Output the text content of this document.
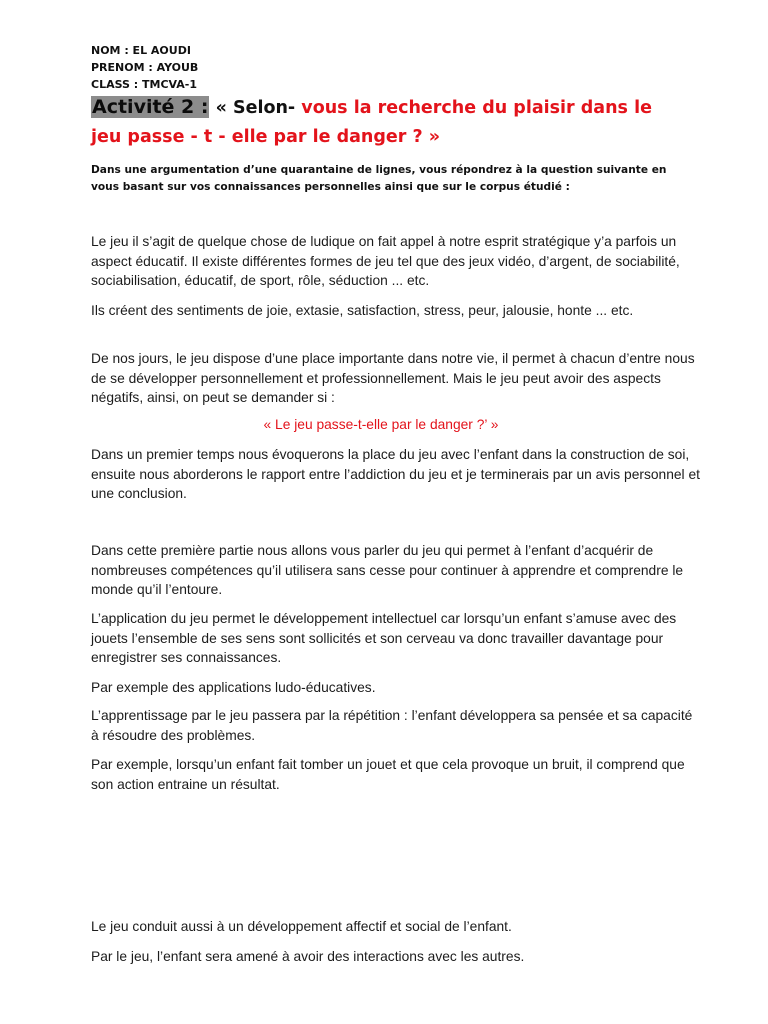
NOM : EL AOUDI
PRENOM : AYOUB
CLASS : TMCVA-1
Activité 2 : « Selon- vous la recherche du plaisir dans le
jeu passe - t - elle par le danger ? »
Dans une argumentation d’une quarantaine de lignes, vous répondrez à la question suivante en vous basant sur vos connaissances personnelles ainsi que sur le corpus étudié :
Le jeu il s’agit de quelque chose de ludique on fait appel à notre esprit stratégique y’a parfois un aspect éducatif. Il existe différentes formes de jeu tel que des jeux vidéo, d’argent, de sociabilité, sociabilisation, éducatif, de sport, rôle, séduction ... etc.
Ils créent des sentiments de joie, extasie, satisfaction, stress, peur, jalousie, honte ... etc.
De nos jours, le jeu dispose d’une place importante dans notre vie, il permet à chacun d’entre nous de se développer personnellement et professionnellement. Mais le jeu peut avoir des aspects négatifs, ainsi, on peut se demander si :
« Le jeu passe-t-elle par le danger ?’ »
Dans un premier temps nous évoquerons la place du jeu avec l’enfant dans la construction de soi, ensuite nous aborderons le rapport entre l’addiction du jeu et je terminerais par un avis personnel et une conclusion.
Dans cette première partie nous allons vous parler du jeu qui permet à l’enfant d’acquérir de nombreuses compétences qu’il utilisera sans cesse pour continuer à apprendre et comprendre le monde qu’il l’entoure.
L’application du jeu permet le développement intellectuel car lorsqu’un enfant s’amuse avec des jouets l’ensemble de ses sens sont sollicités et son cerveau va donc travailler davantage pour enregistrer ses connaissances.
Par exemple des applications ludo-éducatives.
L’apprentissage par le jeu passera par la répétition : l’enfant développera sa pensée et sa capacité à résoudre des problèmes.
Par exemple, lorsqu’un enfant fait tomber un jouet et que cela provoque un bruit, il comprend que son action entraine un résultat.
Le jeu conduit aussi à un développement affectif et social de l’enfant.
Par le jeu, l’enfant sera amené à avoir des interactions avec les autres.
